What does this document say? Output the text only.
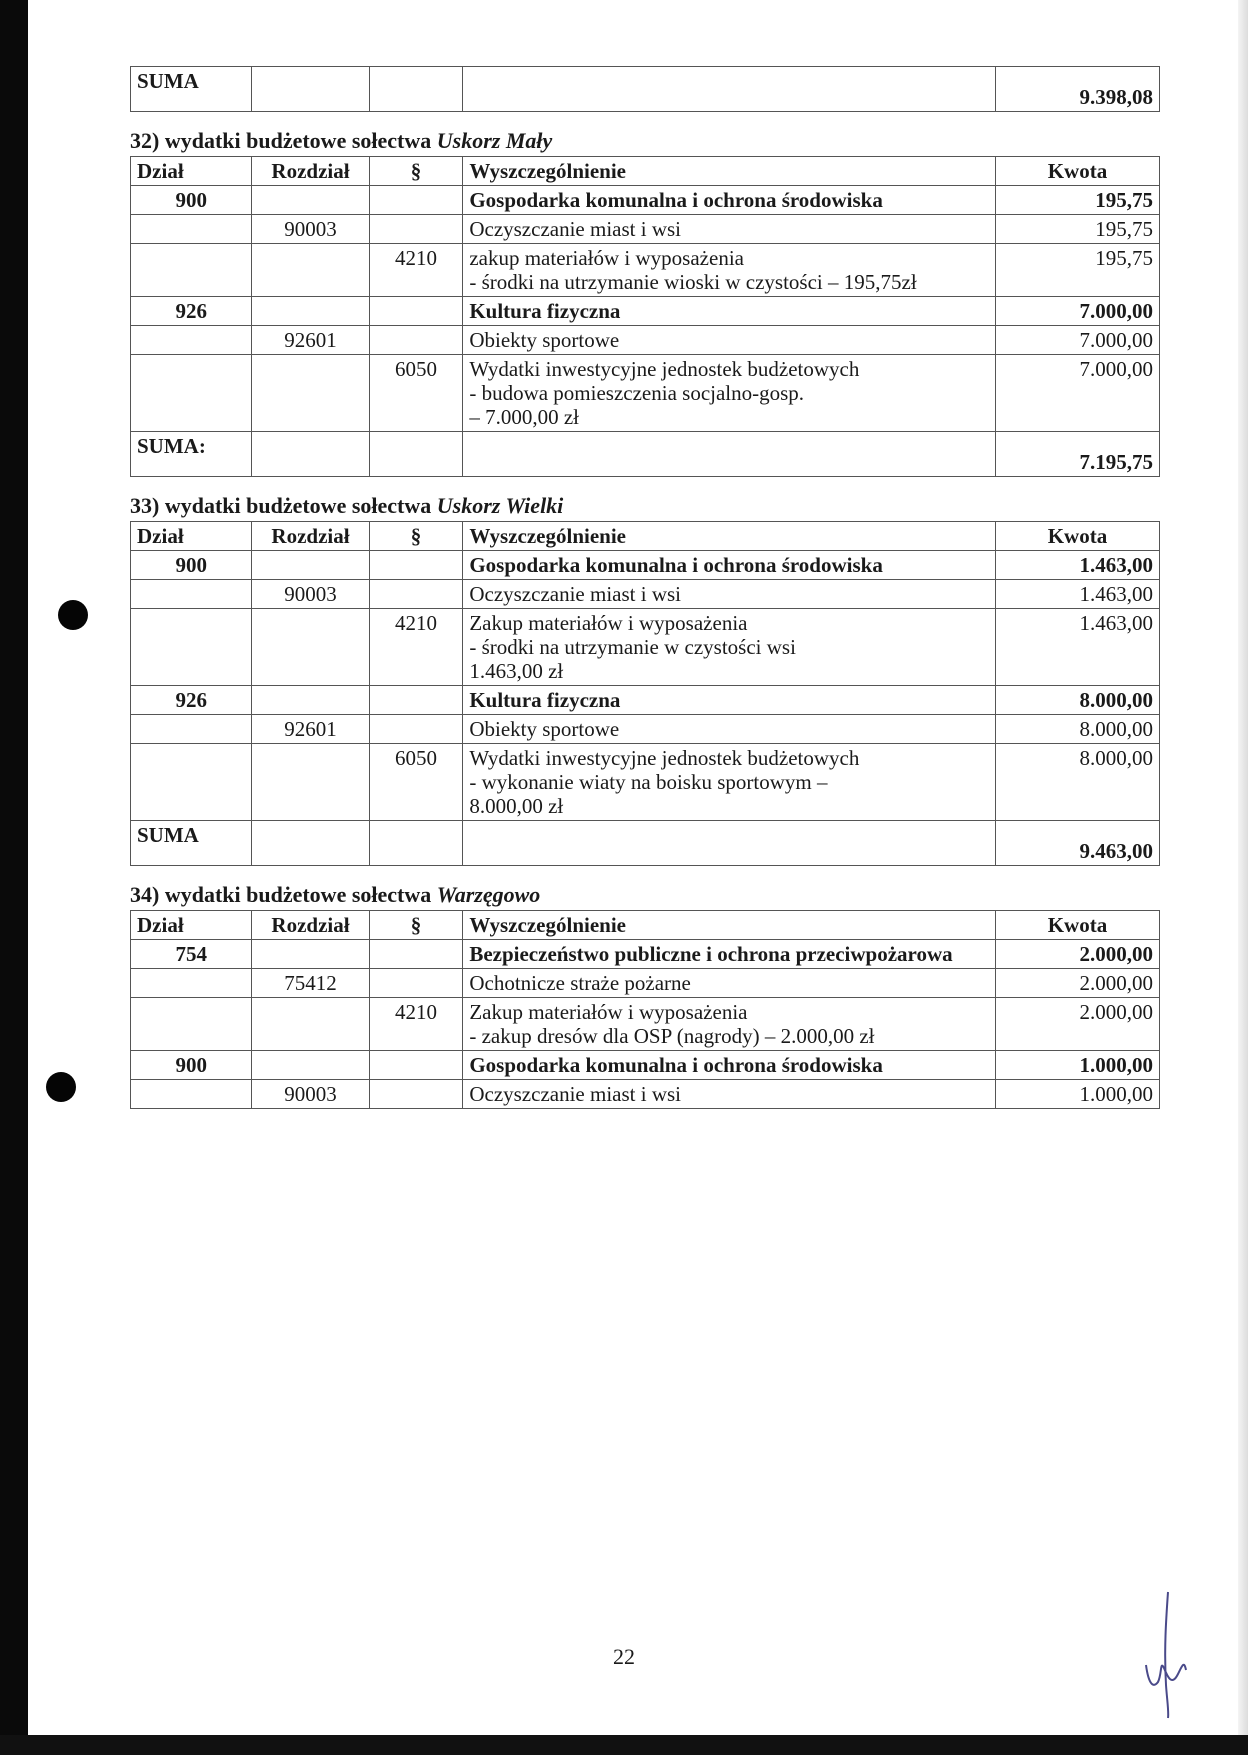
SUMA				9.398,08
32) wydatki budżetowe sołectwa Uskorz Mały
Dział	Rozdział	§	Wyszczególnienie	Kwota
900			Gospodarka komunalna i ochrona środowiska	195,75
	90003		Oczyszczanie miast i wsi	195,75
		4210	zakup materiałów i wyposażenia
- środki na utrzymanie wioski w czystości – 195,75zł	195,75
926			Kultura fizyczna	7.000,00
	92601		Obiekty sportowe	7.000,00
		6050	Wydatki inwestycyjne jednostek budżetowych
- budowa pomieszczenia socjalno-gosp.
– 7.000,00 zł	7.000,00
SUMA:				7.195,75
33) wydatki budżetowe sołectwa Uskorz Wielki
Dział	Rozdział	§	Wyszczególnienie	Kwota
900			Gospodarka komunalna i ochrona środowiska	1.463,00
	90003		Oczyszczanie miast i wsi	1.463,00
		4210	Zakup materiałów i wyposażenia
- środki na utrzymanie w czystości wsi
1.463,00 zł	1.463,00
926			Kultura fizyczna	8.000,00
	92601		Obiekty sportowe	8.000,00
		6050	Wydatki inwestycyjne jednostek budżetowych
- wykonanie wiaty na boisku sportowym –
8.000,00 zł	8.000,00
SUMA				9.463,00
34) wydatki budżetowe sołectwa Warzęgowo
Dział	Rozdział	§	Wyszczególnienie	Kwota
754			Bezpieczeństwo publiczne i ochrona przeciwpożarowa	2.000,00
	75412		Ochotnicze straże pożarne	2.000,00
		4210	Zakup materiałów i wyposażenia
- zakup dresów dla OSP (nagrody) – 2.000,00 zł	2.000,00
900			Gospodarka komunalna i ochrona środowiska	1.000,00
	90003		Oczyszczanie miast i wsi	1.000,00
22
